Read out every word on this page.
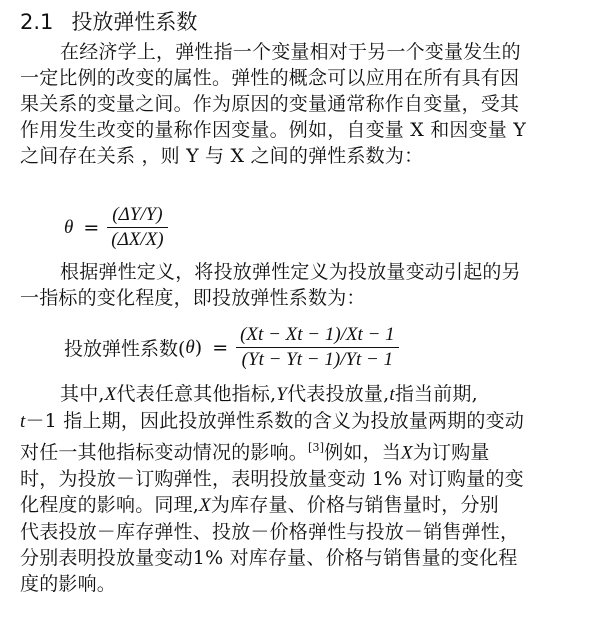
2.1 投放弹性系数

在经济学上，弹性指一个变量相对于另一个变量发生的

一定比例的改变的属性。弹性的概念可以应用在所有具有因

果关系的变量之间。作为原因的变量通常称作自变量，受其

作用发生改变的量称作因变量。例如，自变量 X 和因变量 Y

之间存在关系 ，则 Y 与 X 之间的弹性系数为：

$\theta = \frac{(\Delta Y/Y)}{(\Delta X/X)}$

根据弹性定义，将投放弹性定义为投放量变动引起的另

一指标的变化程度，即投放弹性系数为：

投放弹性系数( θ ) = $\frac{(Xt - Xt - 1)/Xt - 1}{(Yt - Yt - 1)/Yt - 1}$

其中,X代表任意其他指标,Y代表投放量,t指当前期,

t－1 指上期，因此投放弹性系数的含义为投放量两期的变动

对任一其他指标变动情况的影响。[3]例如，当X为订购量

时，为投放－订购弹性，表明投放量变动 1% 对订购量的变

化程度的影响。同理,X为库存量、价格与销售量时，分别

代表投放－库存弹性、投放－价格弹性与投放－销售弹性，

分别表明投放量变动1% 对库存量、价格与销售量的变化程

度的影响。
